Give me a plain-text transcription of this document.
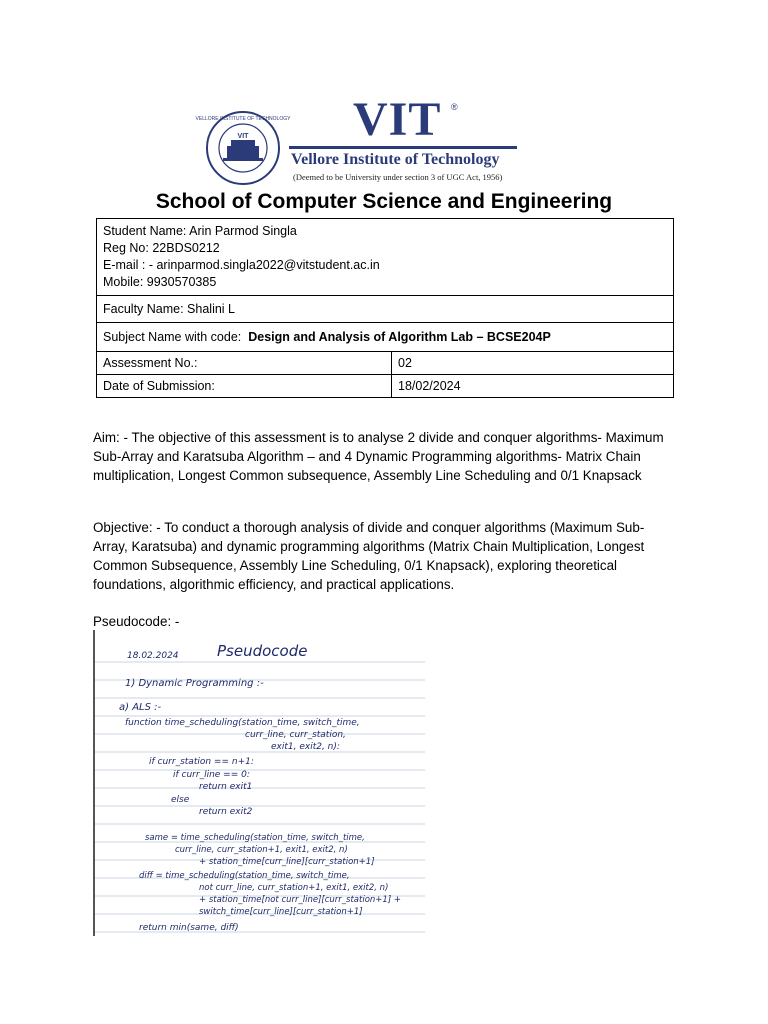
VIT
VELLORE INSTITUTE OF TECHNOLOGY VIT ®
Vellore Institute of Technology
(Deemed to be University under section 3 of UGC Act, 1956)
School of Computer Science and Engineering
Student Name: Arin Parmod Singla
Reg No: 22BDS0212
E-mail : - arinparmod.singla2022@vitstudent.ac.in
Mobile: 9930570385	

Faculty Name: Shalini L	
Subject Name with code: Design and Analysis of Algorithm Lab – BCSE204P	
Assessment No.:	02
Date of Submission:	18/02/2024
Aim: - The objective of this assessment is to analyse 2 divide and conquer algorithms- Maximum Sub-Array and Karatsuba Algorithm – and 4 Dynamic Programming algorithms- Matrix Chain multiplication, Longest Common subsequence, Assembly Line Scheduling and 0/1 Knapsack
Objective: - To conduct a thorough analysis of divide and conquer algorithms (Maximum Sub-Array, Karatsuba) and dynamic programming algorithms (Matrix Chain Multiplication, Longest Common Subsequence, Assembly Line Scheduling, 0/1 Knapsack), exploring theoretical foundations, algorithmic efficiency, and practical applications.
Pseudocode: -
18.02.2024	Pseudocode
1) Dynamic Programming :-
a) ALS :-
function time_scheduling(station_time, switch_time,
curr_line, curr_station,
exit1, exit2, n):
if curr_station == n+1:
if curr_line == 0:
return exit1
else
return exit2
same = time_scheduling(station_time, switch_time,
curr_line, curr_station+1, exit1, exit2, n)
+ station_time[curr_line][curr_station+1]
diff = time_scheduling(station_time, switch_time,
not curr_line, curr_station+1, exit1, exit2, n)
+ station_time[not curr_line][curr_station+1] +
switch_time[curr_line][curr_station+1]
return min(same, diff)
